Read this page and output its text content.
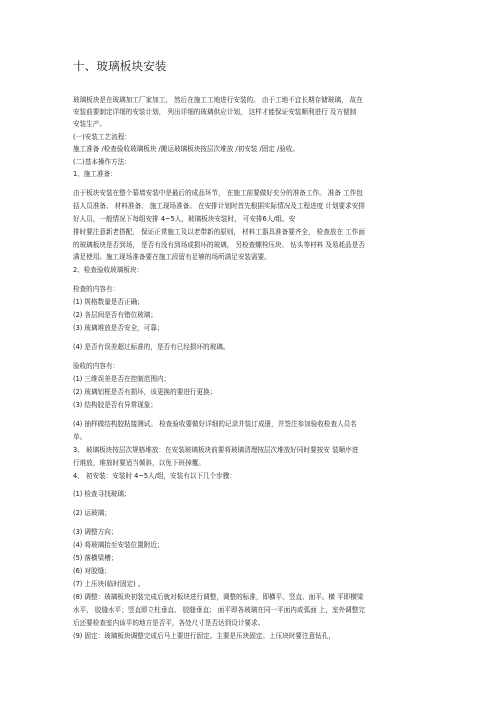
十、玻璃板块安装
玻璃板块是在玻璃加工厂家加工， 然后在施工工地进行安装的。 由于工地不宜长期存储玻璃， 故在
安装前要制定详细的安装计划， 列出详细的玻璃供应计划， 这样才能保证安装顺利进行 及方便制
安装生产。
(一)安装工艺流程：
施工准备 /检查验收玻璃板块 /搬运玻璃板块按层次堆放 /初安装 /固定 /验收。
(二)基本操作方法：
1、施工准备：
由于板块安装在整个幕墙安装中是最后的成品环节， 在施工前要做好充分的准备工作。 准备 工作包
括人员准备、 材料准备、 施工现场准备。 在安排计划时首先根据实际情况及工程进度 计划要求安排
好人员，一般情况下每组安排 4~5人，玻璃板块安装时， 可安排6人/组。安
排时要注意新老搭配， 保证正常施工及以老带新的原则， 材料工器具准备要齐全， 检查放在 工作面
的玻璃板块是否到场， 是否有没有到场或损坏的玻璃， 另检查螺栓压块、 钻头等材料 及易耗品是否
满足使用。施工现场准备要在施工段留有足够的场所满足安装需要。
2、检查验收玻璃板块：
检查的内容有：
(1) 规格数量是否正确；
(2) 各层间是否有错位玻璃；
(3) 玻璃堆放是否安全，可靠；
(4) 是否有误差超过标准的，是否有已经损坏的玻璃。
验收的内容有：
(1) 三维误差是否在控制范围内；
(2) 玻璃铝框是否有损坏，该更换的要进行更换；
(3) 结构胶是否有异常现象；
(4) 抽样做结构胶粘接测试。 检查验收要做好详细的记录并装订成册，并签注参加验收检查人员名
单。
3、 玻璃板块按层次规格堆放：在安装玻璃板块前要将玻璃清理按层次堆放好同时要按安 装顺序进
行堆放，堆放时要适当倾斜，以免下班掉覆。
4、 初安装：安装时 4~5人/组，安装有以下几个步骤：
(1) 检查寻找玻璃；
(2) 运玻璃；
(3) 调整方向；
(4) 将玻璃抬至安装位置附近；
(5) 落横梁槽；
(6) 对胶缝；
(7) 上压块(临时固定) 。
(8) 调整：玻璃板块初装完成后就对板块进行调整，调整的标准，即横平、竖直、面平。横 平即横梁
水平， 胶缝水平；竖直即立柱垂直、 胶缝垂直； 面平即各玻璃在同一平面内或弧面 上，室外调整完
后还要检查室内该平的地方是否平，各处尺寸是否达到设计要求。
(9) 固定：玻璃板块调整完成后马上要进行固定。主要是压块固定。上压块时要注意钻孔，
